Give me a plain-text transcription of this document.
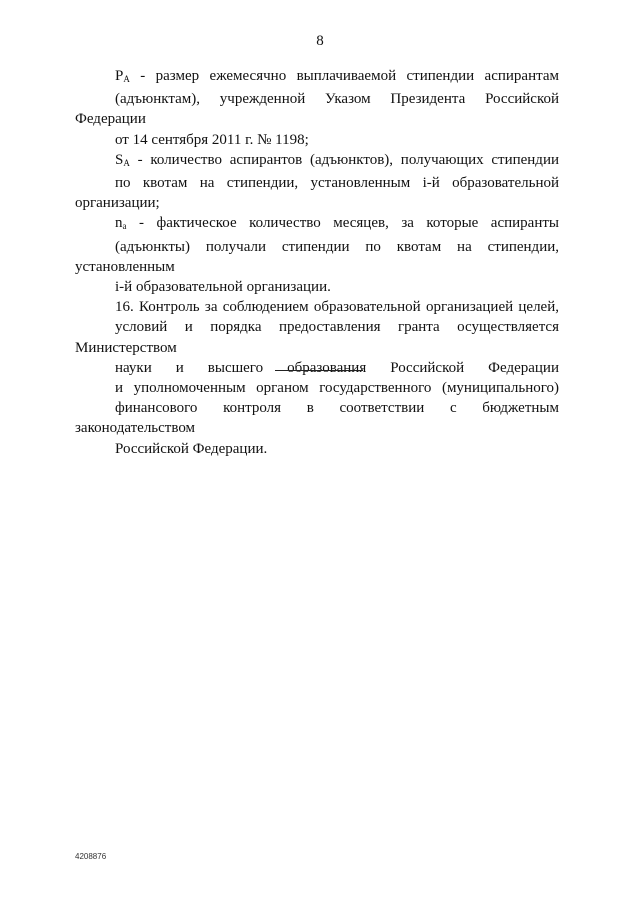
8
$P_A$ - размер ежемесячно выплачиваемой стипендии аспирантам
(адъюнктам), учрежденной Указом Президента Российской Федерации
от 14 сентября 2011 г. № 1198;
$S_A$ - количество аспирантов (адъюнктов), получающих стипендии
по квотам на стипендии, установленным i-й образовательной организации;
$n_a$ - фактическое количество месяцев, за которые аспиранты
(адъюнкты) получали стипендии по квотам на стипендии, установленным
i-й образовательной организации.
16. Контроль за соблюдением образовательной организацией целей,
условий и порядка предоставления гранта осуществляется Министерством
науки и высшего образования Российской Федерации
и уполномоченным органом государственного (муниципального)
финансового контроля в соответствии с бюджетным законодательством
Российской Федерации.
4208876
